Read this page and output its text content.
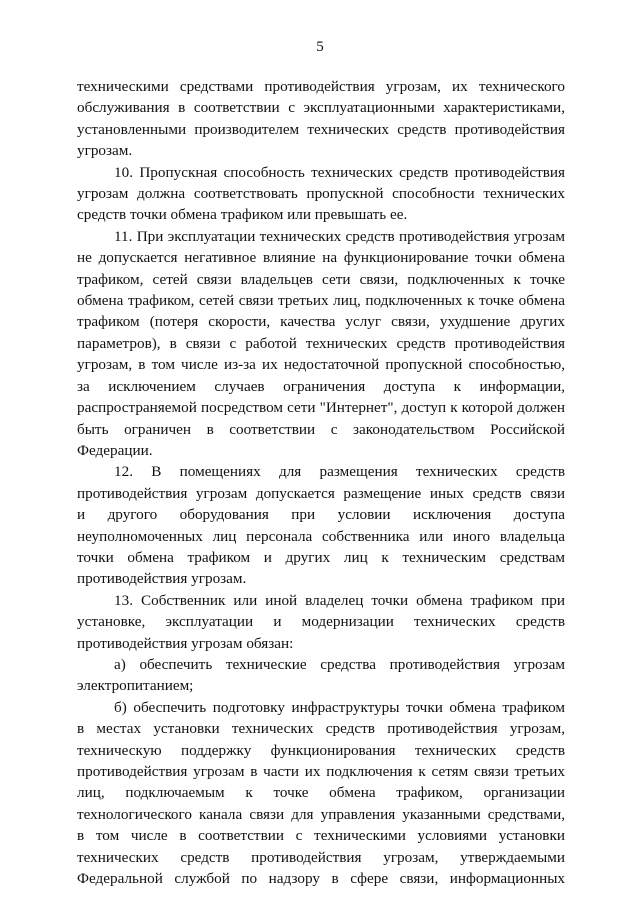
5
техническими средствами противодействия угрозам, их технического
обслуживания в соответствии с эксплуатационными характеристиками,
установленными производителем технических средств противодействия
угрозам.
10. Пропускная способность технических средств противодействия
угрозам должна соответствовать пропускной способности технических
средств точки обмена трафиком или превышать ее.
11. При эксплуатации технических средств противодействия угрозам
не допускается негативное влияние на функционирование точки обмена
трафиком, сетей связи владельцев сети связи, подключенных к точке
обмена трафиком, сетей связи третьих лиц, подключенных к точке обмена
трафиком (потеря скорости, качества услуг связи, ухудшение других
параметров), в связи с работой технических средств противодействия
угрозам, в том числе из-за их недостаточной пропускной способностью,
за исключением случаев ограничения доступа к информации,
распространяемой посредством сети "Интернет", доступ к которой должен
быть ограничен в соответствии с законодательством Российской
Федерации.
12. В помещениях для размещения технических средств
противодействия угрозам допускается размещение иных средств связи
и другого оборудования при условии исключения доступа
неуполномоченных лиц персонала собственника или иного владельца
точки обмена трафиком и других лиц к техническим средствам
противодействия угрозам.
13. Собственник или иной владелец точки обмена трафиком при
установке, эксплуатации и модернизации технических средств
противодействия угрозам обязан:
а) обеспечить технические средства противодействия угрозам
электропитанием;
б) обеспечить подготовку инфраструктуры точки обмена трафиком
в местах установки технических средств противодействия угрозам,
техническую поддержку функционирования технических средств
противодействия угрозам в части их подключения к сетям связи третьих
лиц, подключаемым к точке обмена трафиком, организации
технологического канала связи для управления указанными средствами,
в том числе в соответствии с техническими условиями установки
технических средств противодействия угрозам, утверждаемыми
Федеральной службой по надзору в сфере связи, информационных
